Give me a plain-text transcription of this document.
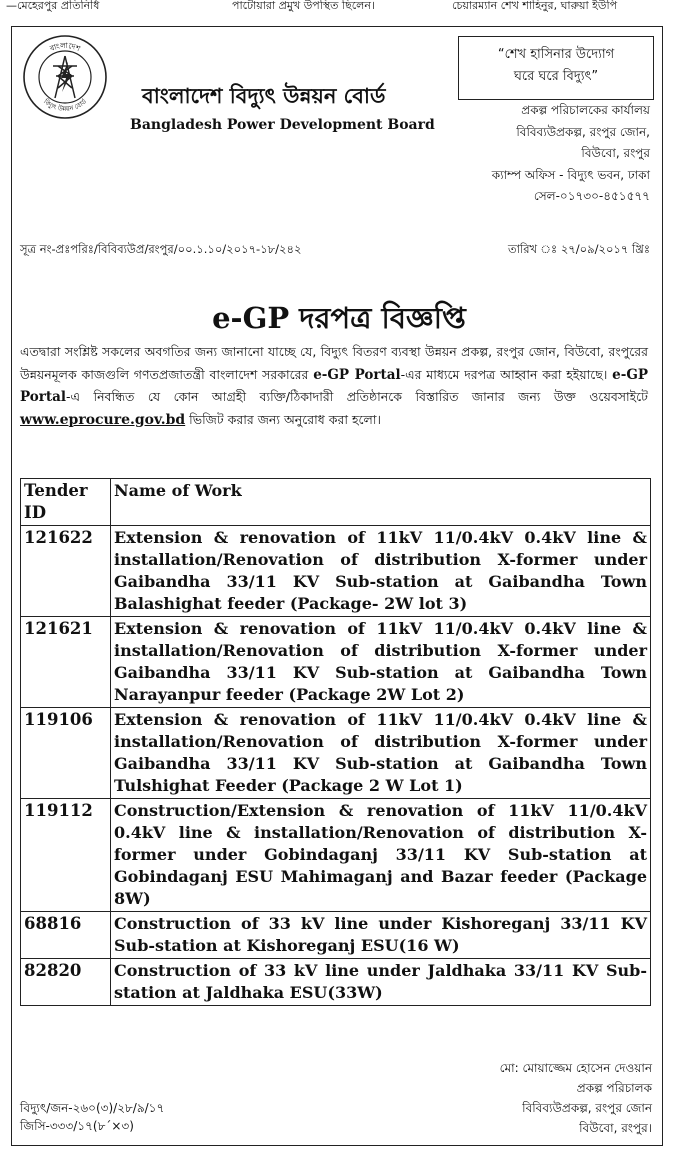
—মেহেরপুর প্রতিনিধি	পাটোয়ারা প্রমুখ উপস্থিত ছিলেন।	চেয়ারম্যান শেখ শাহিনুর, ঘারুয়া ইউপি
বাংলাদেশ
বিদ্যুৎ উন্নয়ন বোর্ড	বাংলাদেশ বিদ্যুৎ উন্নয়ন বোর্ড
Bangladesh Power Development Board
“শেখ হাসিনার উদ্যোগ
ঘরে ঘরে বিদ্যুৎ”
প্রকল্প পরিচালকের কার্যালয়
বিবিব্যউপ্রকল্প, রংপুর জোন,
বিউবো, রংপুর
ক্যাম্প অফিস - বিদ্যুৎ ভবন, ঢাকা
সেল-০১৭৩০-৪৫১৫৭৭
সূত্র নং-প্রঃপরিঃ/বিবিব্যউপ্র/রংপুর/০০.১.১০/২০১৭-১৮/২৪২	তারিখ ঃ ২৭/০৯/২০১৭ খ্রিঃ
e-GP দরপত্র বিজ্ঞপ্তি
এতদ্বারা সংশ্লিষ্ট সকলের অবগতির জন্য জানানো যাচ্ছে যে, বিদ্যুৎ বিতরণ ব্যবস্থা উন্নয়ন প্রকল্প, রংপুর জোন, বিউবো, রংপুরের উন্নয়নমূলক কাজগুলি গণতপ্রজাতন্ত্রী বাংলাদেশ সরকারের e-GP Portal-এর মাধ্যমে দরপত্র আহ্বান করা হইয়াছে। e-GP Portal-এ নিবন্ধিত যে কোন আগ্রহী ব্যক্তি/ঠিকাদারী প্রতিষ্ঠানকে বিস্তারিত জানার জন্য উক্ত ওয়েবসাইটে www.eprocure.gov.bd ভিজিট করার জন্য অনুরোধ করা হলো।
Tender ID	Name of Work
121622	Extension & renovation of 11kV 11/0.4kV 0.4kV line & installation/Renovation of distribution X-former under Gaibandha 33/11 KV Sub-station at Gaibandha Town Balashighat feeder (Package- 2W lot 3)
121621	Extension & renovation of 11kV 11/0.4kV 0.4kV line & installation/Renovation of distribution X-former under Gaibandha 33/11 KV Sub-station at Gaibandha Town Narayanpur feeder (Package 2W Lot 2)
119106	Extension & renovation of 11kV 11/0.4kV 0.4kV line & installation/Renovation of distribution X-former under Gaibandha 33/11 KV Sub-station at Gaibandha Town Tulshighat Feeder (Package 2 W Lot 1)
119112	Construction/Extension & renovation of 11kV 11/0.4kV 0.4kV line & installation/Renovation of distribution X-former under Gobindaganj 33/11 KV Sub-station at Gobindaganj ESU Mahimaganj and Bazar feeder (Package 8W)
68816	Construction of 33 kV line under Kishoreganj 33/11 KV Sub-station at Kishoreganj ESU(16 W)
82820	Construction of 33 kV line under Jaldhaka 33/11 KV Sub-station at Jaldhaka ESU(33W)
মো: মোয়াজ্জেম হোসেন দেওয়ান
প্রকল্প পরিচালক
বিবিব্যউপ্রকল্প, রংপুর জোন
বিউবো, রংপুর।
বিদ্যুৎ/জন-২৬০(৩)/২৮/৯/১৭
জিসি-৩৩৩/১৭(৮´×৩)
